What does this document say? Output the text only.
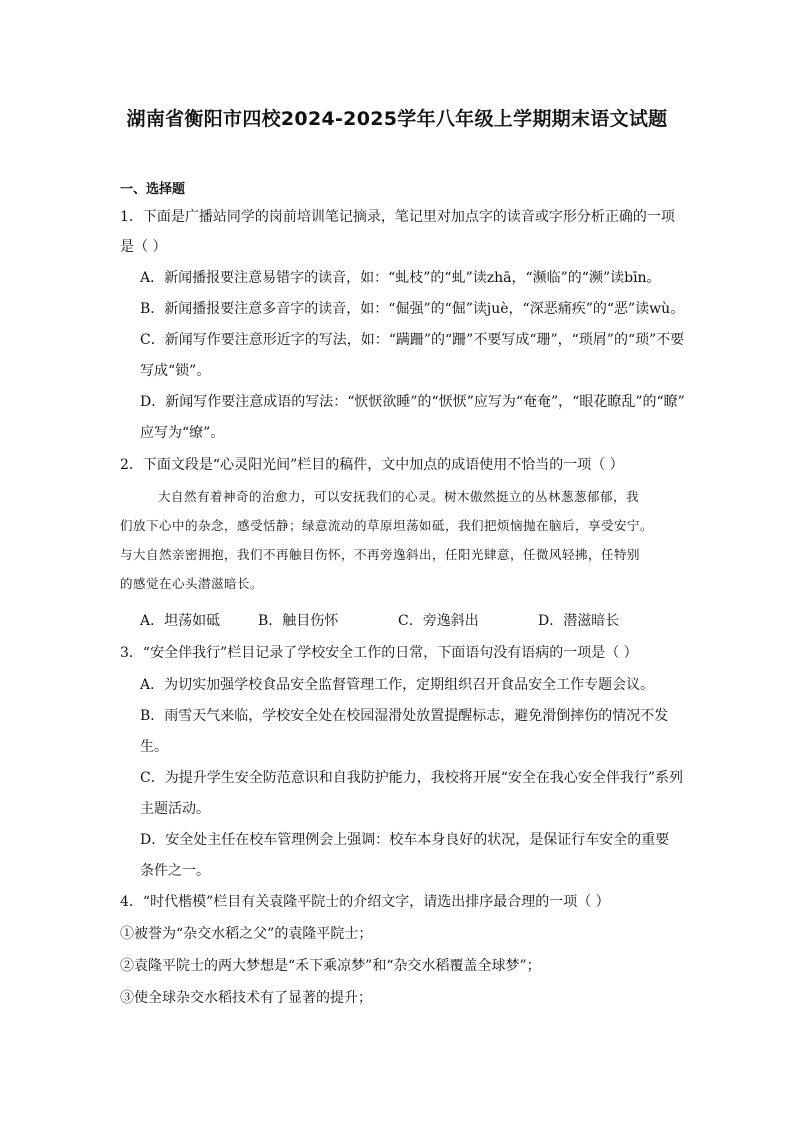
湖南省衡阳市四校2024-2025学年八年级上学期期末语文试题
一、选择题
1．下面是广播站同学的岗前培训笔记摘录，笔记里对加点字的读音或字形分析正确的一项
是（ ）
A．新闻播报要注意易错字的读音，如：“虬枝”的“虬”读zhā，“濒临”的“濒”读bīn。
B．新闻播报要注意多音字的读音，如：“倔强”的“倔”读juè，“深恶痛疾”的“恶”读wù。
C．新闻写作要注意形近字的写法，如：“蹒跚”的“跚”不要写成“珊”，“琐屑”的“琐”不要
写成“锁”。
D．新闻写作要注意成语的写法：“恹恹欲睡”的“恹恹”应写为“奄奄”，“眼花瞭乱”的“瞭”
应写为“缭”。
2．下面文段是“心灵阳光间”栏目的稿件，文中加点的成语使用不恰当的一项（ ）
大自然有着神奇的治愈力，可以安抚我们的心灵。树木傲然挺立的丛林葱葱郁郁，我
们放下心中的杂念，感受恬静；绿意流动的草原坦荡如砥，我们把烦恼抛在脑后，享受安宁。
与大自然亲密拥抱，我们不再触目伤怀，不再旁逸斜出，任阳光肆意，任微风轻拂，任特别
的感觉在心头潜滋暗长。
A．坦荡如砥	B．触目伤怀	C．旁逸斜出	D．潜滋暗长
3．“安全伴我行”栏目记录了学校安全工作的日常，下面语句没有语病的一项是（ ）
A．为切实加强学校食品安全监督管理工作，定期组织召开食品安全工作专题会议。
B．雨雪天气来临，学校安全处在校园湿滑处放置提醒标志，避免滑倒摔伤的情况不发
生。
C．为提升学生安全防范意识和自我防护能力，我校将开展“安全在我心安全伴我行”系列
主题活动。
D．安全处主任在校车管理例会上强调：校车本身良好的状况，是保证行车安全的重要
条件之一。
4．“时代楷模”栏目有关袁隆平院士的介绍文字，请选出排序最合理的一项（ ）
①被誉为“杂交水稻之父”的袁隆平院士；
②袁隆平院士的两大梦想是“禾下乘凉梦”和“杂交水稻覆盖全球梦”；
③使全球杂交水稻技术有了显著的提升；
